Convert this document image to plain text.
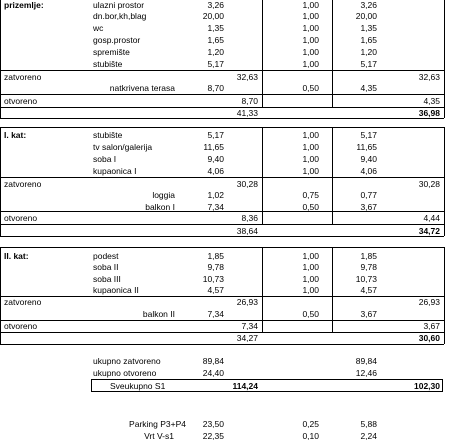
prizemlje:	ulazni prostor	3,26	1,00	3,26
dn.bor,kh,blag	20,00	1,00	20,00
wc	1,35	1,00	1,35
gosp.prostor	1,65	1,00	1,65
spremište	1,20	1,00	1,20
stubište	5,17	1,00	5,17
zatvoreno	32,63	32,63
natkrivena terasa	8,70	0,50	4,35
otvoreno	8,70	4,35
41,33	36,98
I. kat:	stubište	5,17	1,00	5,17
tv salon/galerija	11,65	1,00	11,65
soba I	9,40	1,00	9,40
kupaonica I	4,06	1,00	4,06
zatvoreno	30,28	30,28
loggia	1,02	0,75	0,77
balkon I	7,34	0,50	3,67
otvoreno	8,36	4,44
38,64	34,72
II. kat:	podest	1,85	1,00	1,85
soba II	9,78	1,00	9,78
soba III	10,73	1,00	10,73
kupaonica II	4,57	1,00	4,57
zatvoreno	26,93	26,93
balkon II	7,34	0,50	3,67
otvoreno	7,34	3,67
34,27	30,60
ukupno zatvoreno	89,84	89,84
ukupno otvoreno	24,40	12,46
Sveukupno S1	114,24	102,30
Parking P3+P4	23,50	0,25	5,88
Vrt V-s1	22,35	0,10	2,24
